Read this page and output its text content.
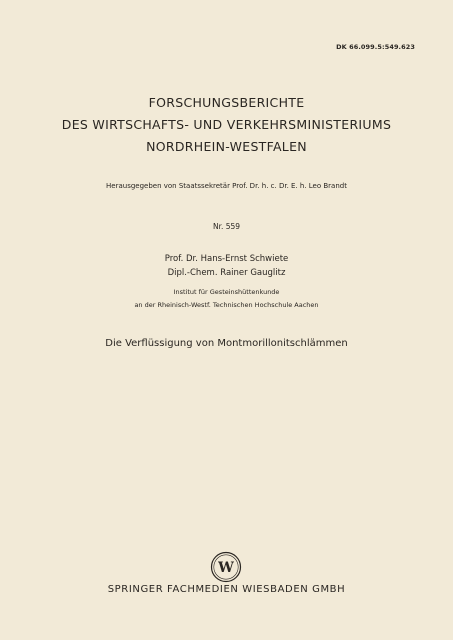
DK 66.099.5:549.623
FORSCHUNGSBERICHTE
DES WIRTSCHAFTS- UND VERKEHRSMINISTERIUMS
NORDRHEIN-WESTFALEN
Herausgegeben von Staatssekretär Prof. Dr. h. c. Dr. E. h. Leo Brandt
Nr. 559
Prof. Dr. Hans-Ernst Schwiete
Dipl.-Chem. Rainer Gauglitz
Institut für Gesteinshüttenkunde
an der Rheinisch-Westf. Technischen Hochschule Aachen
Die Verflüssigung von Montmorillonitschlämmen
W
SPRINGER FACHMEDIEN WIESBADEN GMBH
